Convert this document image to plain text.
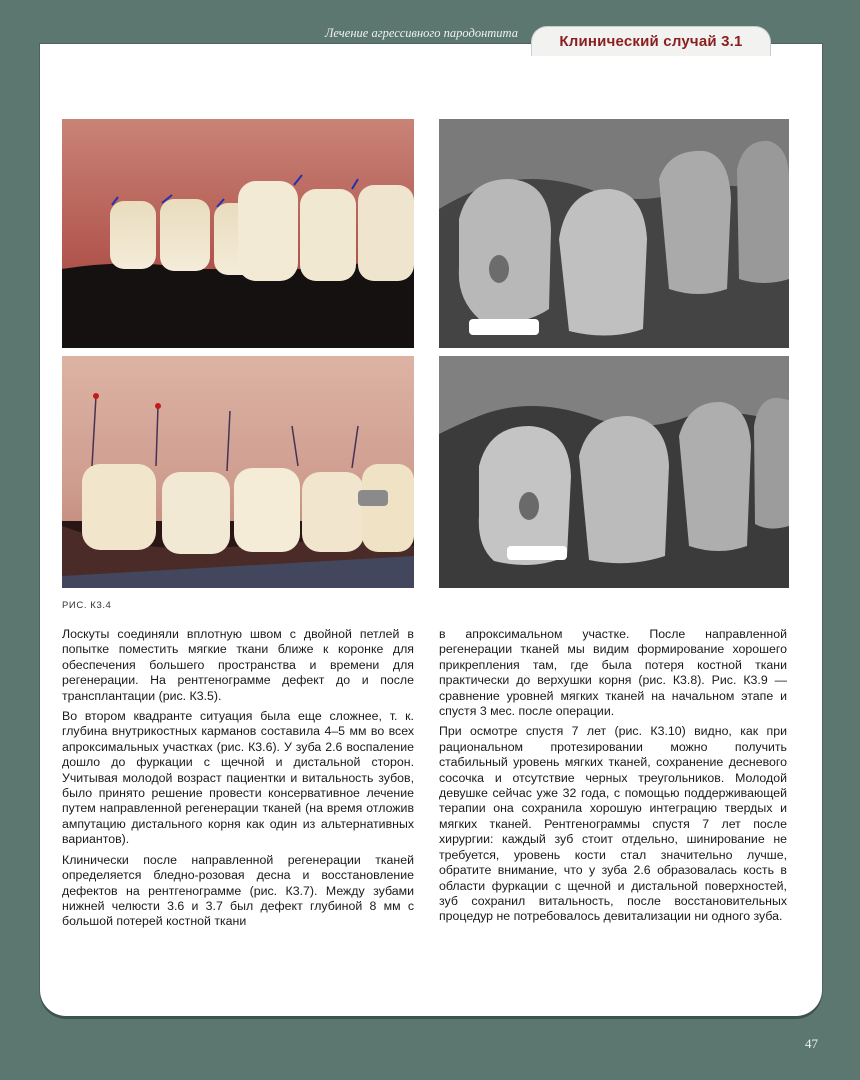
Лечение агрессивного пародонтита	Клинический случай 3.1
РИС. К3.4

Лоскуты соединяли вплотную швом с двойной петлей в попытке поместить мягкие ткани ближе к коронке для обеспечения большего пространства и времени для регенерации. На рентгенограмме дефект до и после трансплантации (рис. К3.5).

Во втором квадранте ситуация была еще сложнее, т. к. глубина внутрикостных карманов составила 4–5 мм во всех апроксимальных участках (рис. К3.6). У зуба 2.6 воспаление дошло до фуркации с щечной и дистальной сторон. Учитывая молодой возраст пациентки и витальность зубов, было принято решение провести консервативное лечение путем направленной регенерации тканей (на время отложив ампутацию дистального корня как один из альтернативных вариантов).

Клинически после направленной регенерации тканей определяется бледно-розовая десна и восстановление дефектов на рентгенограмме (рис. К3.7). Между зубами нижней челюсти 3.6 и 3.7 был дефект глубиной 8 мм с большой потерей костной ткани

в апроксимальном участке. После направленной регенерации тканей мы видим формирование хорошего прикрепления там, где была потеря костной ткани практически до верхушки корня (рис. К3.8). Рис. К3.9 — сравнение уровней мягких тканей на начальном этапе и спустя 3 мес. после операции.

При осмотре спустя 7 лет (рис. К3.10) видно, как при рациональном протезировании можно получить стабильный уровень мягких тканей, сохранение десневого сосочка и отсутствие черных треугольников. Молодой девушке сейчас уже 32 года, с помощью поддерживающей терапии она сохранила хорошую интеграцию твердых и мягких тканей. Рентгенограммы спустя 7 лет после хирургии: каждый зуб стоит отдельно, шинирование не требуется, уровень кости стал значительно лучше, обратите внимание, что у зуба 2.6 образовалась кость в области фуркации с щечной и дистальной поверхностей, зуб сохранил витальность, после восстановительных процедур не потребовалось девитализации ни одного зуба.

47
